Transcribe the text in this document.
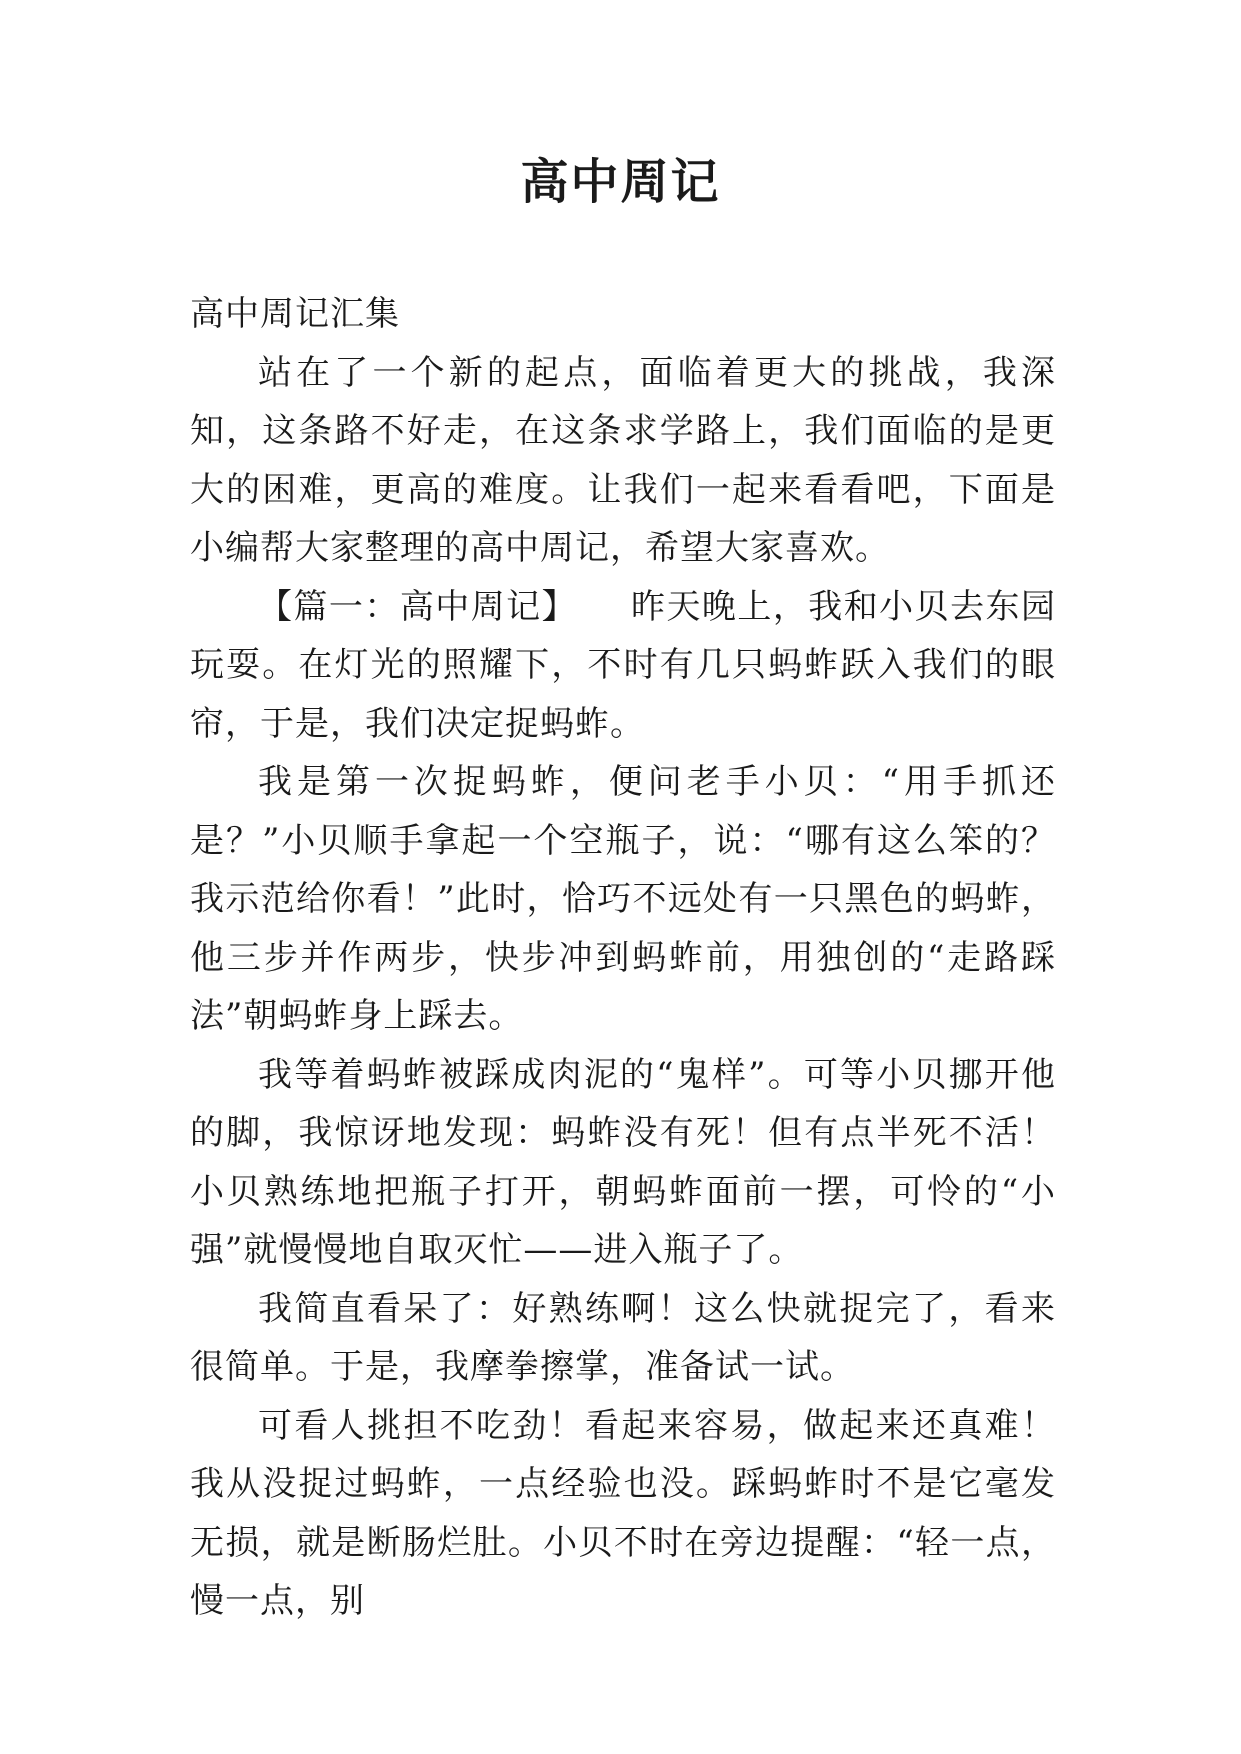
高中周记

高中周记汇集

站在了一个新的起点，面临着更大的挑战，我深知，这条路不好走，在这条求学路上，我们面临的是更大的困难，更高的难度。让我们一起来看看吧，下面是小编帮大家整理的高中周记，希望大家喜欢。

【篇一：高中周记】　　昨天晚上，我和小贝去东园玩耍。在灯光的照耀下，不时有几只蚂蚱跃入我们的眼帘，于是，我们决定捉蚂蚱。

我是第一次捉蚂蚱，便问老手小贝：“用手抓还是？”小贝顺手拿起一个空瓶子，说：“哪有这么笨的？我示范给你看！”此时，恰巧不远处有一只黑色的蚂蚱，他三步并作两步，快步冲到蚂蚱前，用独创的“走路踩法”朝蚂蚱身上踩去。

我等着蚂蚱被踩成肉泥的“鬼样”。可等小贝挪开他的脚，我惊讶地发现：蚂蚱没有死！但有点半死不活！小贝熟练地把瓶子打开，朝蚂蚱面前一摆，可怜的“小强”就慢慢地自取灭忙——进入瓶子了。

我简直看呆了：好熟练啊！这么快就捉完了，看来很简单。于是，我摩拳擦掌，准备试一试。

可看人挑担不吃劲！看起来容易，做起来还真难！我从没捉过蚂蚱，一点经验也没。踩蚂蚱时不是它毫发无损，就是断肠烂肚。小贝不时在旁边提醒：“轻一点，慢一点，别
